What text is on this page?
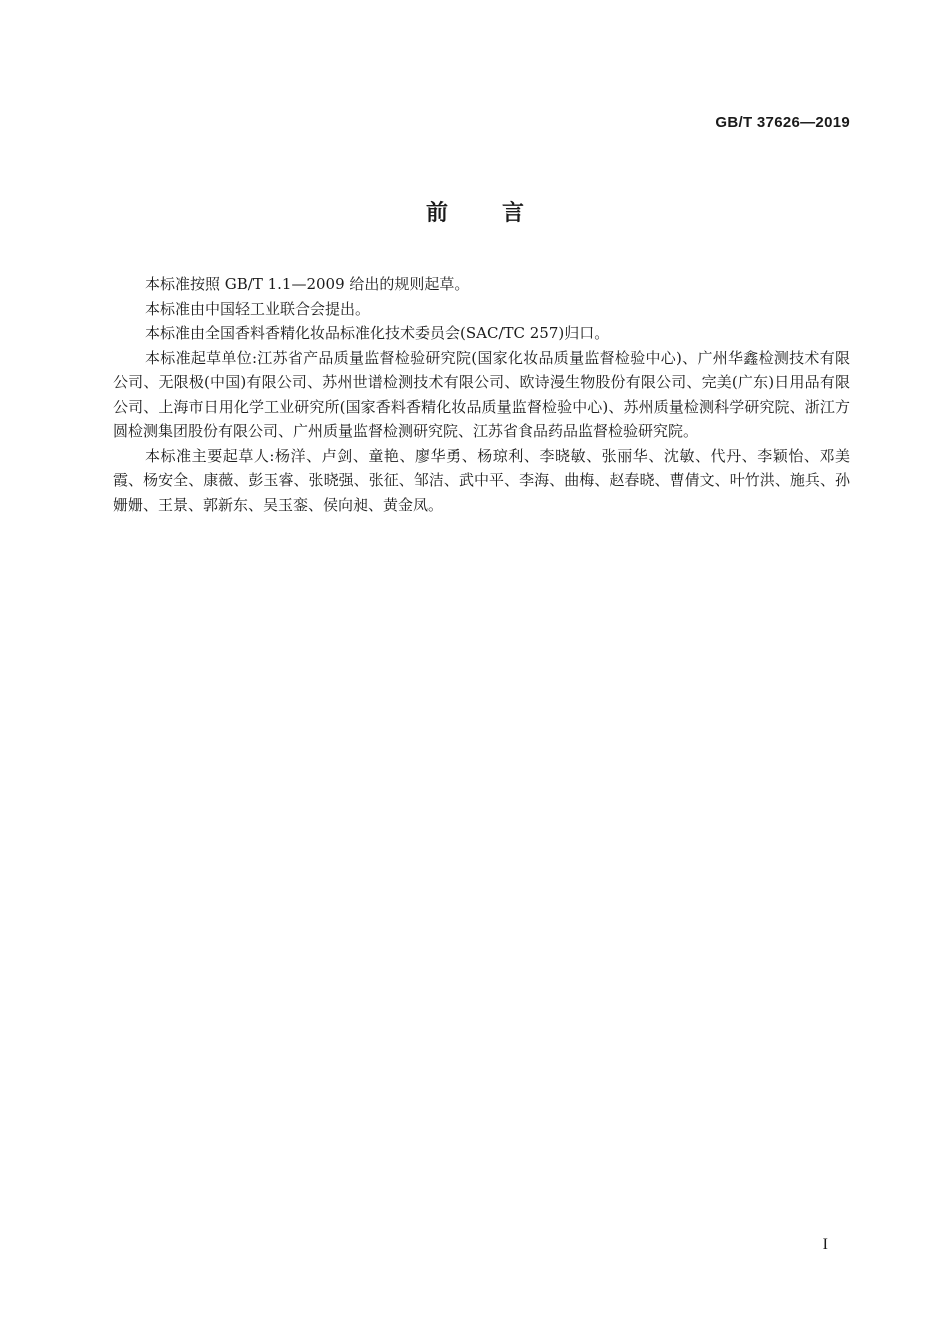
GB/T 37626—2019
前 言

本标准按照 GB/T 1.1—2009 给出的规则起草。

本标准由中国轻工业联合会提出。

本标准由全国香料香精化妆品标准化技术委员会(SAC/TC 257)归口。

本标准起草单位:江苏省产品质量监督检验研究院(国家化妆品质量监督检验中心)、广州华鑫检测技术有限公司、无限极(中国)有限公司、苏州世谱检测技术有限公司、欧诗漫生物股份有限公司、完美(广东)日用品有限公司、上海市日用化学工业研究所(国家香料香精化妆品质量监督检验中心)、苏州质量检测科学研究院、浙江方圆检测集团股份有限公司、广州质量监督检测研究院、江苏省食品药品监督检验研究院。

本标准主要起草人:杨洋、卢剑、童艳、廖华勇、杨琼利、李晓敏、张丽华、沈敏、代丹、李颖怡、邓美霞、杨安全、康薇、彭玉睿、张晓强、张征、邹洁、武中平、李海、曲梅、赵春晓、曹倩文、叶竹洪、施兵、孙姗姗、王景、郭新东、吴玉銮、侯向昶、黄金凤。

I
